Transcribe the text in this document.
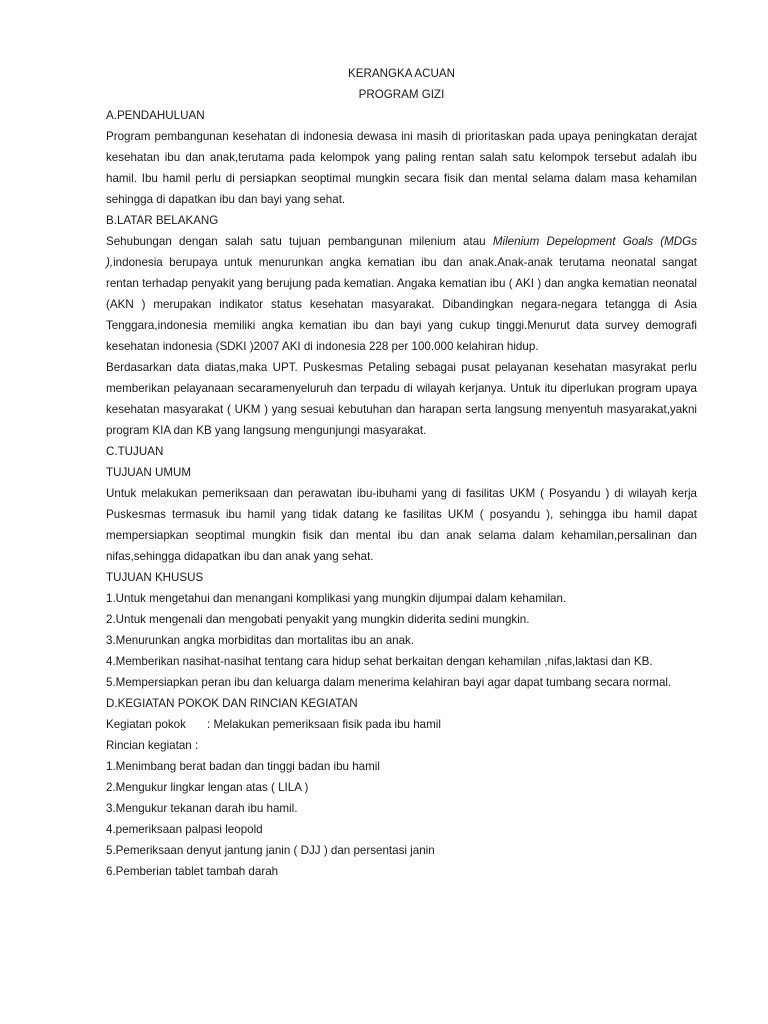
KERANGKA ACUAN

PROGRAM GIZI

A.PENDAHULUAN

Program pembangunan kesehatan di indonesia dewasa ini masih di prioritaskan pada upaya peningkatan derajat kesehatan ibu dan anak,terutama pada kelompok yang paling rentan salah satu kelompok tersebut adalah ibu hamil. Ibu hamil perlu di persiapkan seoptimal mungkin secara fisik dan mental selama dalam masa kehamilan sehingga di dapatkan ibu dan bayi yang sehat.

B.LATAR BELAKANG

Sehubungan dengan salah satu tujuan pembangunan milenium atau Milenium Depelopment Goals (MDGs ),indonesia berupaya untuk menurunkan angka kematian ibu dan anak.Anak-anak terutama neonatal sangat rentan terhadap penyakit yang berujung pada kematian. Angaka kematian ibu ( AKI ) dan angka kematian neonatal (AKN ) merupakan indikator status kesehatan masyarakat. Dibandingkan negara-negara tetangga di Asia Tenggara,indonesia memiliki angka kematian ibu dan bayi yang cukup tinggi.Menurut data survey demografi kesehatan indonesia (SDKI )2007 AKI di indonesia 228 per 100.000 kelahiran hidup.

Berdasarkan data diatas,maka UPT. Puskesmas Petaling sebagai pusat pelayanan kesehatan masyrakat perlu memberikan pelayanaan secaramenyeluruh dan terpadu di wilayah kerjanya. Untuk itu diperlukan program upaya kesehatan masyarakat ( UKM ) yang sesuai kebutuhan dan harapan serta langsung menyentuh masyarakat,yakni program KIA dan KB yang langsung mengunjungi masyarakat.

C.TUJUAN

TUJUAN UMUM

Untuk melakukan pemeriksaan dan perawatan ibu-ibuhami yang di fasilitas UKM ( Posyandu ) di wilayah kerja Puskesmas termasuk ibu hamil yang tidak datang ke fasilitas UKM ( posyandu ), sehingga ibu hamil dapat mempersiapkan seoptimal mungkin fisik dan mental ibu dan anak selama dalam kehamilan,persalinan dan nifas,sehingga didapatkan ibu dan anak yang sehat.

TUJUAN KHUSUS

1.Untuk mengetahui dan menangani komplikasi yang mungkin dijumpai dalam kehamilan.
2.Untuk mengenali dan mengobati penyakit yang mungkin diderita sedini mungkin.
3.Menurunkan angka morbiditas dan mortalitas ibu an anak.
4.Memberikan nasihat-nasihat tentang cara hidup sehat berkaitan dengan kehamilan ,nifas,laktasi dan KB.
5.Mempersiapkan peran ibu dan keluarga dalam menerima kelahiran bayi agar dapat tumbang secara normal.

D.KEGIATAN POKOK DAN RINCIAN KEGIATAN

Kegiatan pokok : Melakukan pemeriksaan fisik pada ibu hamil

Rincian kegiatan :

1.Menimbang berat badan dan tinggi badan ibu hamil
2.Mengukur lingkar lengan atas ( LILA )
3.Mengukur tekanan darah ibu hamil.
4.pemeriksaan palpasi leopold
5.Pemeriksaan denyut jantung janin ( DJJ ) dan persentasi janin
6.Pemberian tablet tambah darah
